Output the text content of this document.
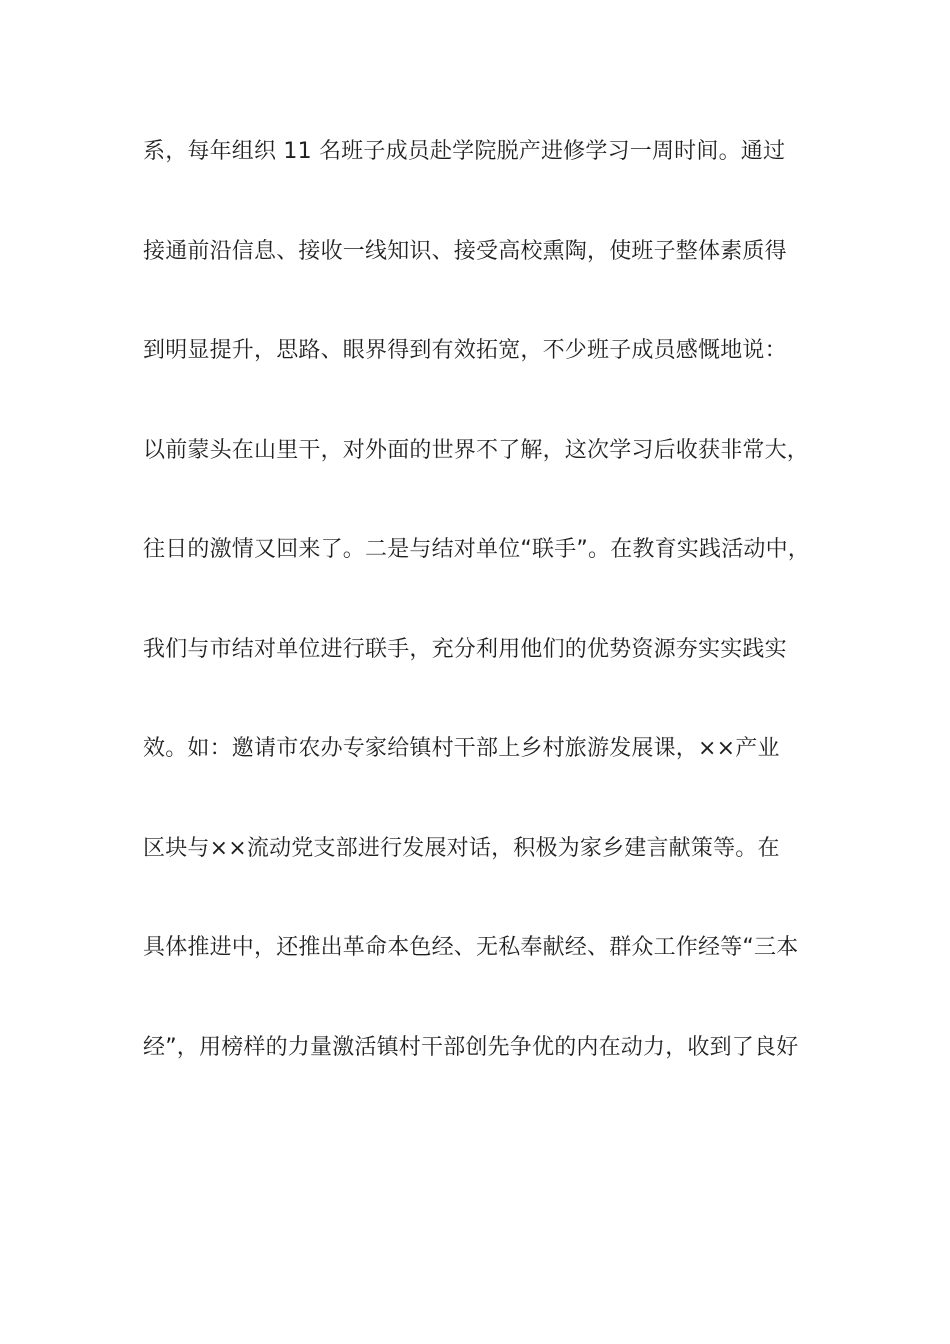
系，每年组织 11 名班子成员赴学院脱产进修学习一周时间。通过
接通前沿信息、接收一线知识、接受高校熏陶，使班子整体素质得
到明显提升，思路、眼界得到有效拓宽，不少班子成员感慨地说：
以前蒙头在山里干，对外面的世界不了解，这次学习后收获非常大，
往日的激情又回来了。二是与结对单位“联手”。在教育实践活动中，
我们与市结对单位进行联手，充分利用他们的优势资源夯实实践实
效。如：邀请市农办专家给镇村干部上乡村旅游发展课，××产业
区块与××流动党支部进行发展对话，积极为家乡建言献策等。在
具体推进中，还推出革命本色经、无私奉献经、群众工作经等“三本
经”，用榜样的力量激活镇村干部创先争优的内在动力，收到了良好
